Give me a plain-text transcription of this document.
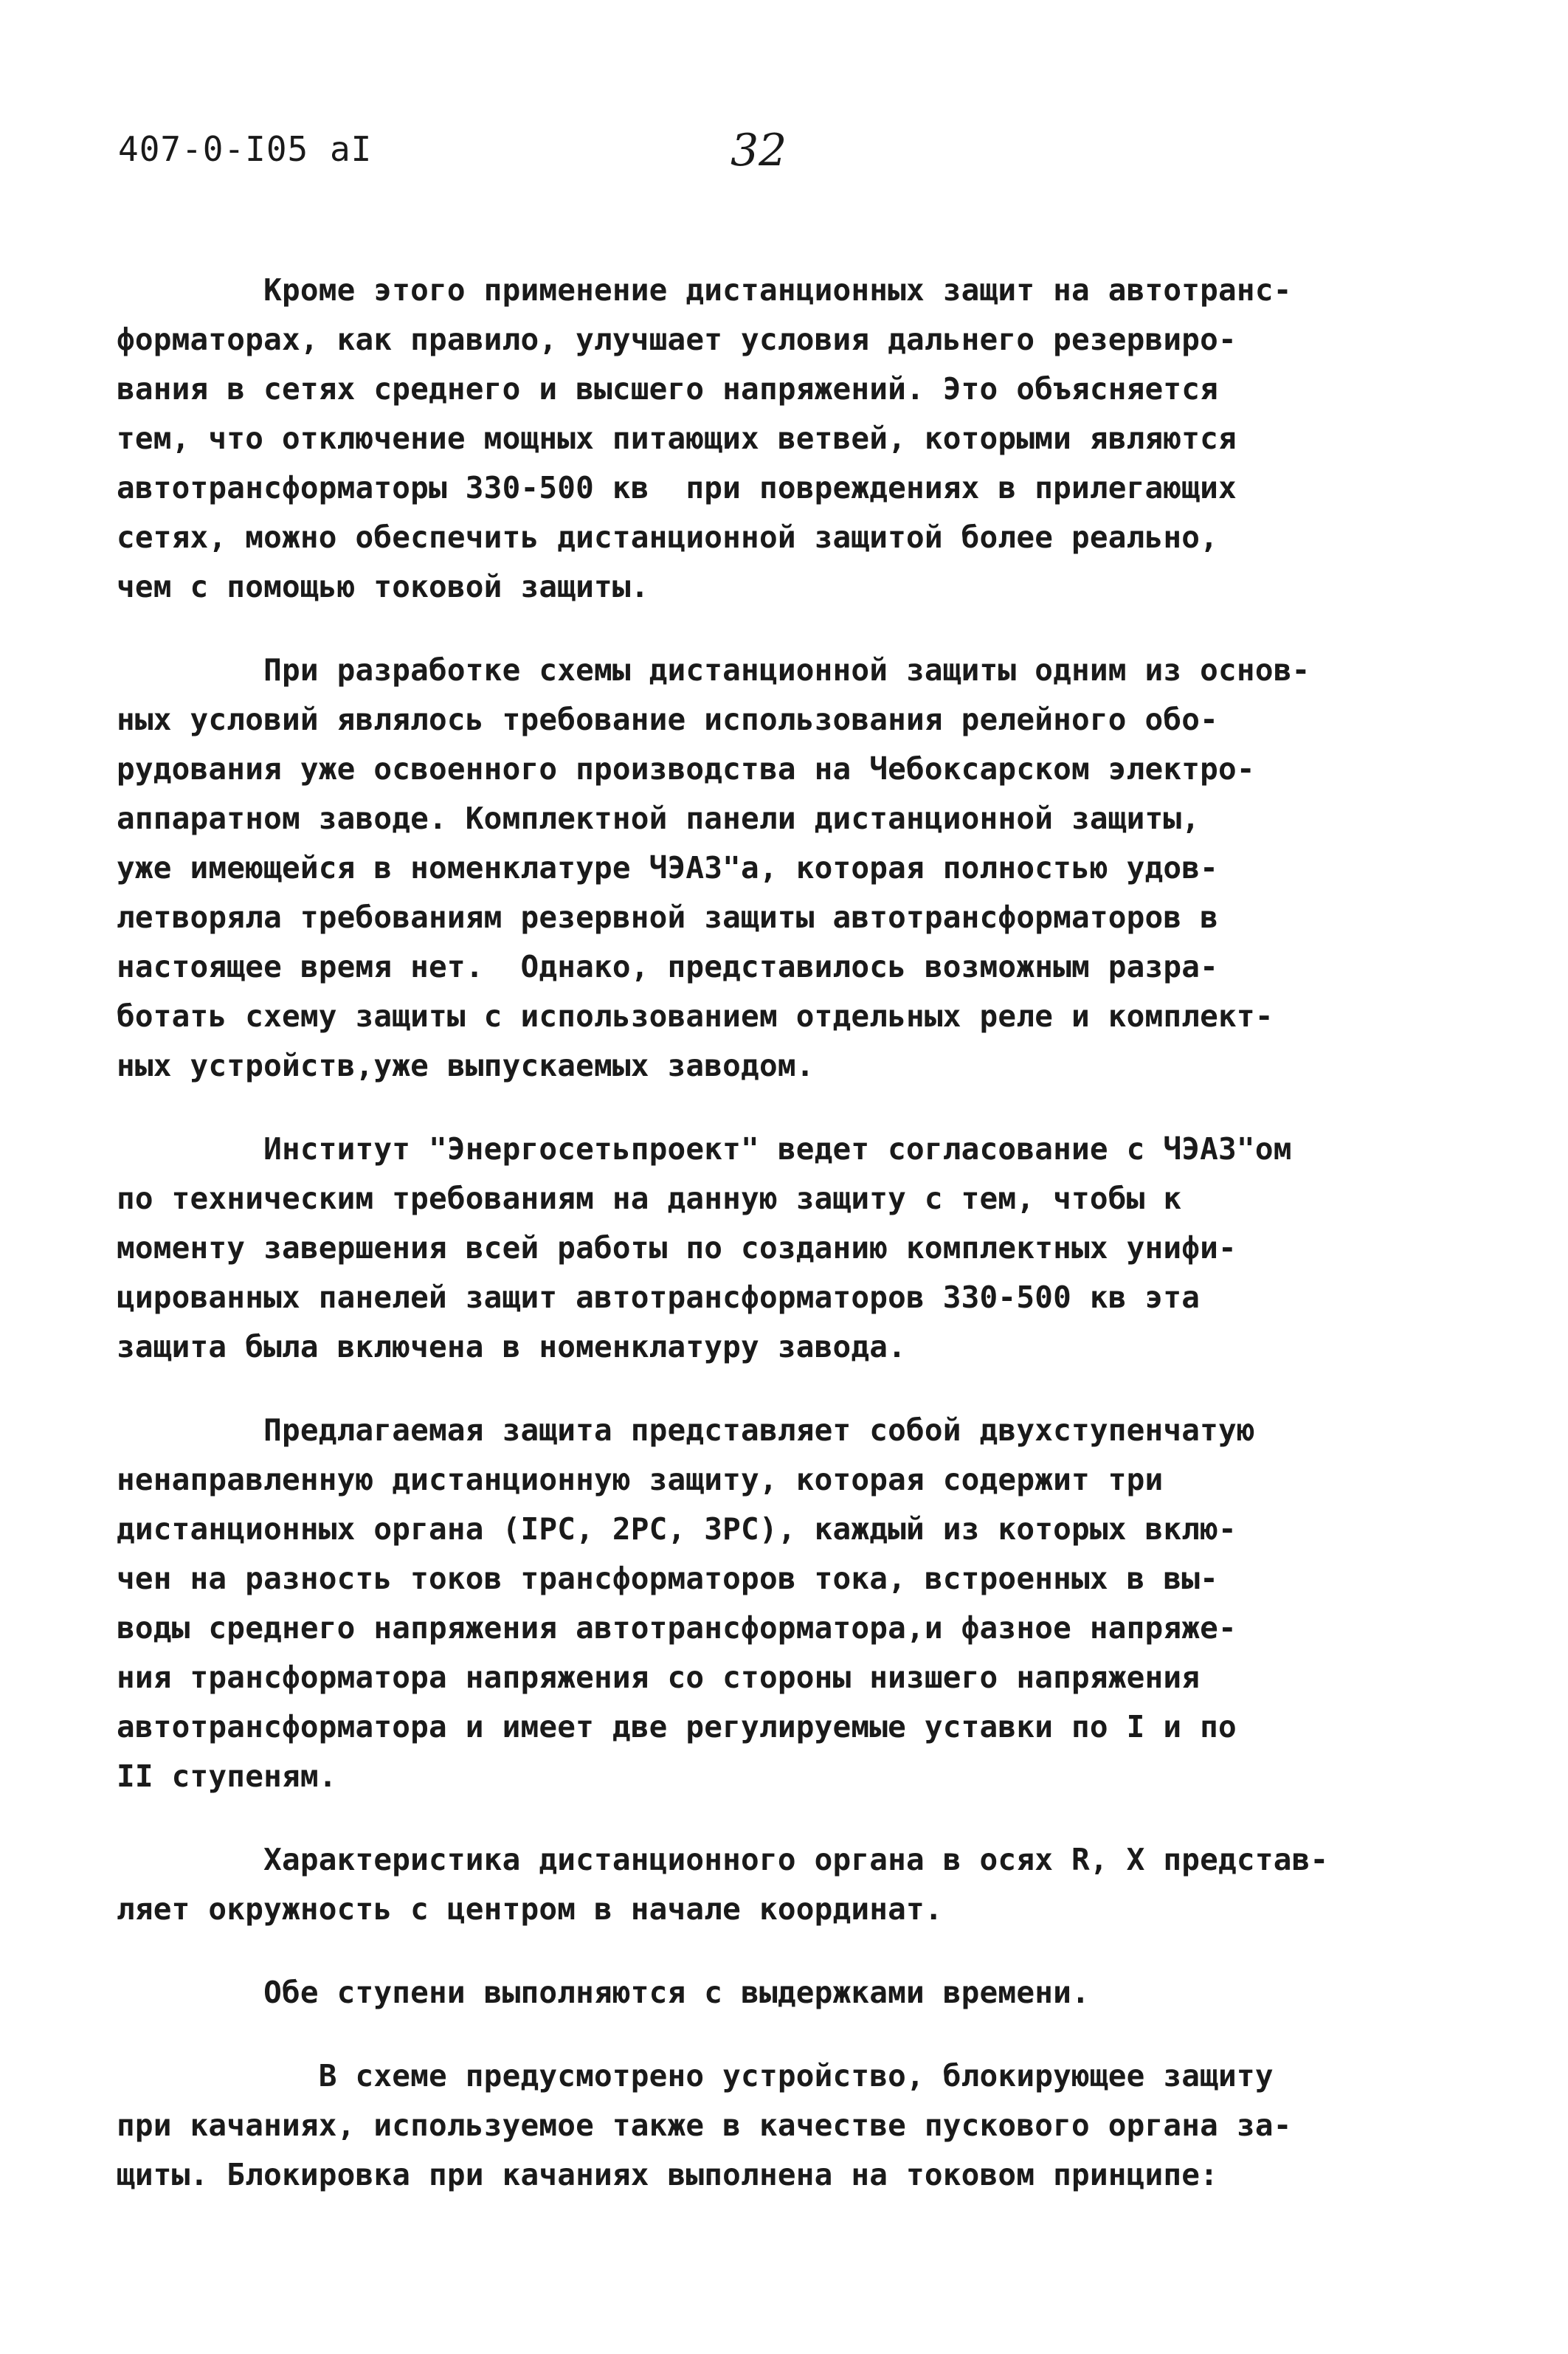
407-0-I05 aI	32

Кроме этого применение дистанционных защит на автотранс-
форматорах, как правило, улучшает условия дальнего резервиро-
вания в сетях среднего и высшего напряжений. Это объясняется
тем, что отключение мощных питающих ветвей, которыми являются
автотрансформаторы 330-500 кв  при повреждениях в прилегающих
сетях, можно обеспечить дистанционной защитой более реально,
чем с помощью токовой защиты.

При разработке схемы дистанционной защиты одним из основ-
ных условий являлось требование использования релейного обо-
рудования уже освоенного производства на Чебоксарском электро-
аппаратном заводе. Комплектной панели дистанционной защиты,
уже имеющейся в номенклатуре ЧЭАЗ"а, которая полностью удов-
летворяла требованиям резервной защиты автотрансформаторов в
настоящее время нет.  Однако, представилось возможным разра-
ботать схему защиты с использованием отдельных реле и комплект-
ных устройств,уже выпускаемых заводом.

Институт "Энергосетьпроект" ведет согласование с ЧЭАЗ"ом
по техническим требованиям на данную защиту с тем, чтобы к
моменту завершения всей работы по созданию комплектных унифи-
цированных панелей защит автотрансформаторов 330-500 кв эта
защита была включена в номенклатуру завода.

Предлагаемая защита представляет собой двухступенчатую
ненаправленную дистанционную защиту, которая содержит три
дистанционных органа (IРС, 2РС, 3РС), каждый из которых вклю-
чен на разность токов трансформаторов тока, встроенных в вы-
воды среднего напряжения автотрансформатора,и фазное напряже-
ния трансформатора напряжения со стороны низшего напряжения
автотрансформатора и имеет две регулируемые уставки по I и по
II ступеням.

Характеристика дистанционного органа в осях R, X представ-
ляет окружность с центром в начале координат.

Обе ступени выполняются с выдержками времени.

В схеме предусмотрено устройство, блокирующее защиту
при качаниях, используемое также в качестве пускового органа за-
щиты. Блокировка при качаниях выполнена на токовом принципе:
